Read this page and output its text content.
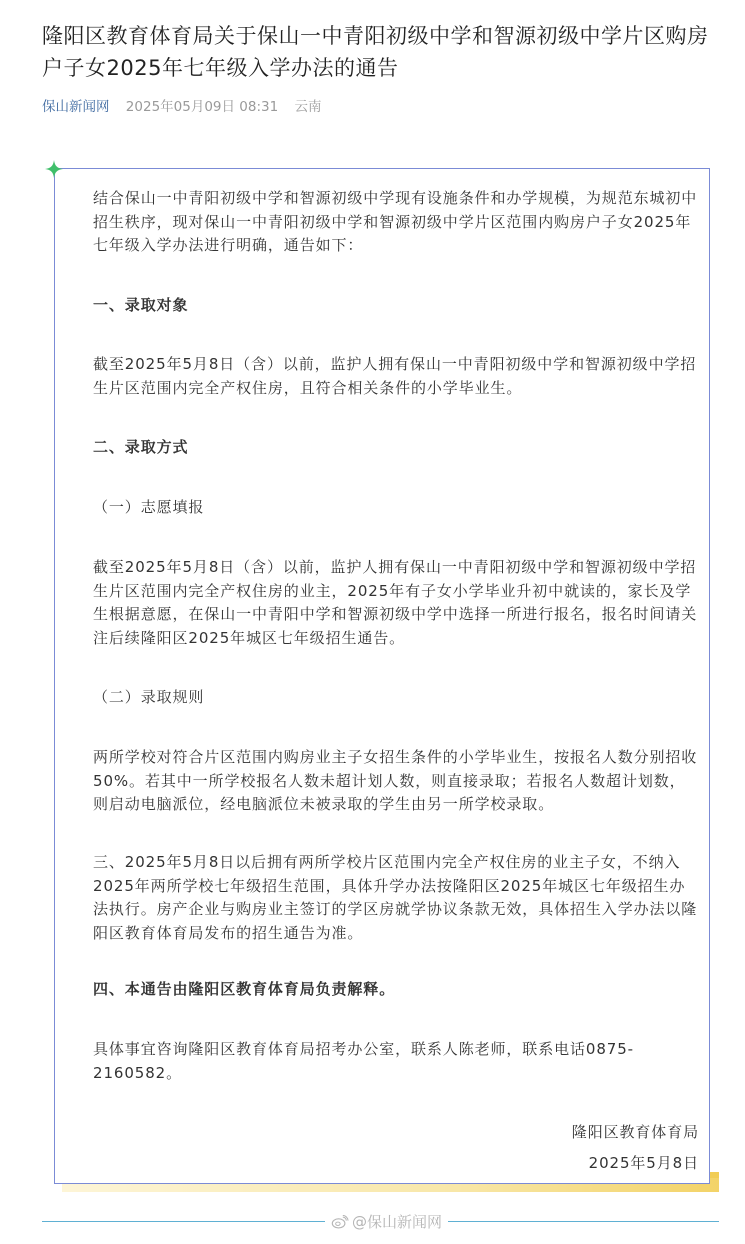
隆阳区教育体育局关于保山一中青阳初级中学和智源初级中学片区购房户子女2025年七年级入学办法的通告
保山新闻网 2025年05月09日 08:31 云南

结合保山一中青阳初级中学和智源初级中学现有设施条件和办学规模，为规范东城初中招生秩序，现对保山一中青阳初级中学和智源初级中学片区范围内购房户子女2025年七年级入学办法进行明确，通告如下：

一、录取对象

截至2025年5月8日（含）以前，监护人拥有保山一中青阳初级中学和智源初级中学招生片区范围内完全产权住房，且符合相关条件的小学毕业生。

二、录取方式

（一）志愿填报

截至2025年5月8日（含）以前，监护人拥有保山一中青阳初级中学和智源初级中学招生片区范围内完全产权住房的业主，2025年有子女小学毕业升初中就读的，家长及学生根据意愿，在保山一中青阳中学和智源初级中学中选择一所进行报名，报名时间请关注后续隆阳区2025年城区七年级招生通告。

（二）录取规则

两所学校对符合片区范围内购房业主子女招生条件的小学毕业生，按报名人数分别招收50%。若其中一所学校报名人数未超计划人数，则直接录取；若报名人数超计划数，则启动电脑派位，经电脑派位未被录取的学生由另一所学校录取。

三、2025年5月8日以后拥有两所学校片区范围内完全产权住房的业主子女，不纳入2025年两所学校七年级招生范围，具体升学办法按隆阳区2025年城区七年级招生办法执行。房产企业与购房业主签订的学区房就学协议条款无效，具体招生入学办法以隆阳区教育体育局发布的招生通告为准。

四、本通告由隆阳区教育体育局负责解释。

具体事宜咨询隆阳区教育体育局招考办公室，联系人陈老师，联系电话0875-2160582。

隆阳区教育体育局

2025年5月8日

@保山新闻网
